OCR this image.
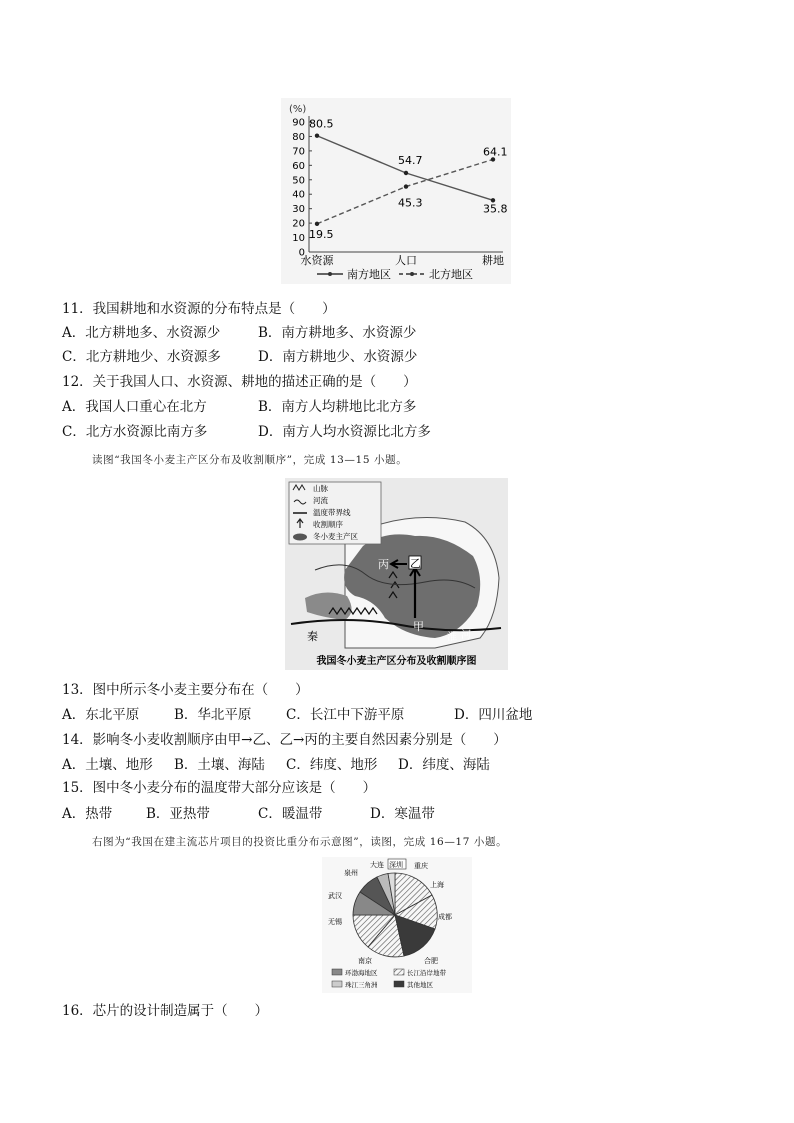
(%)
90
80
70
60
50
40
30
20
10
0
水资源	人口	耕地
80.5
54.7
35.8
19.5
45.3
64.1
南方地区	北方地区
11．我国耕地和水资源的分布特点是（　　）
A．北方耕地多、水资源少	B．南方耕地多、水资源少
C．北方耕地少、水资源多	D．南方耕地少、水资源少
12．关于我国人口、水资源、耕地的描述正确的是（　　）
A．我国人口重心在北方	B．南方人均耕地比北方多
C．北方水资源比南方多	D．南方人均水资源比北方多
读图“我国冬小麦主产区分布及收割顺序”，完成 13—15 小题。
山脉
河流
温度带界线
收割顺序
冬小麦主产区
乙
丙
甲
秦	淮 河
我国冬小麦主产区分布及收割顺序图
13．图中所示冬小麦主要分布在（　　）
A．东北平原	B．华北平原	C．长江中下游平原	D．四川盆地
14．影响冬小麦收割顺序由甲→乙、乙→丙的主要自然因素分别是（　　）
A．土壤、地形 B．土壤、海陆 C．纬度、地形 D．纬度、海陆
15．图中冬小麦分布的温度带大部分应该是（　　）
A．热带	B．亚热带	C．暖温带	D．寒温带
右图为“我国在建主流芯片项目的投资比重分布示意图”，读图，完成 16—17 小题。
大连 深圳 重庆
上海
成都
合肥
南京
无锡
武汉
泉州
环渤海地区	长江沿岸地带
珠江三角洲	其他地区
16．芯片的设计制造属于（　　）
